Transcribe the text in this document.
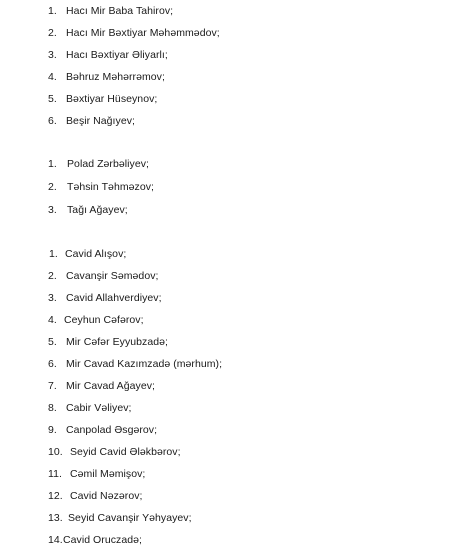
1. Hacı Mir Baba Tahirov;
2. Hacı Mir Bəxtiyar Məhəmmədov;
3. Hacı Bəxtiyar Əliyarlı;
4. Bəhruz Məhərrəmov;
5. Bəxtiyar Hüseynov;
6. Beşir Nağıyev;
1. Polad Zərbəliyev;
2. Təhsin Təhməzov;
3. Tağı Ağayev;
1. Cavid Alışov;
2. Cavanşir Səmədov;
3. Cavid Allahverdiyev;
4. Ceyhun Cəfərov;
5. Mir Cəfər Eyyubzadə;
6. Mir Cavad Kazımzadə (mərhum);
7. Mir Cavad Ağayev;
8. Cabir Vəliyev;
9. Canpolad Əsgərov;
10. Seyid Cavid Ələkbərov;
11. Cəmil Məmişov;
12. Cavid Nəzərov;
13. Seyid Cavanşir Yəhyayev;
14.Cavid Oruczadə;
